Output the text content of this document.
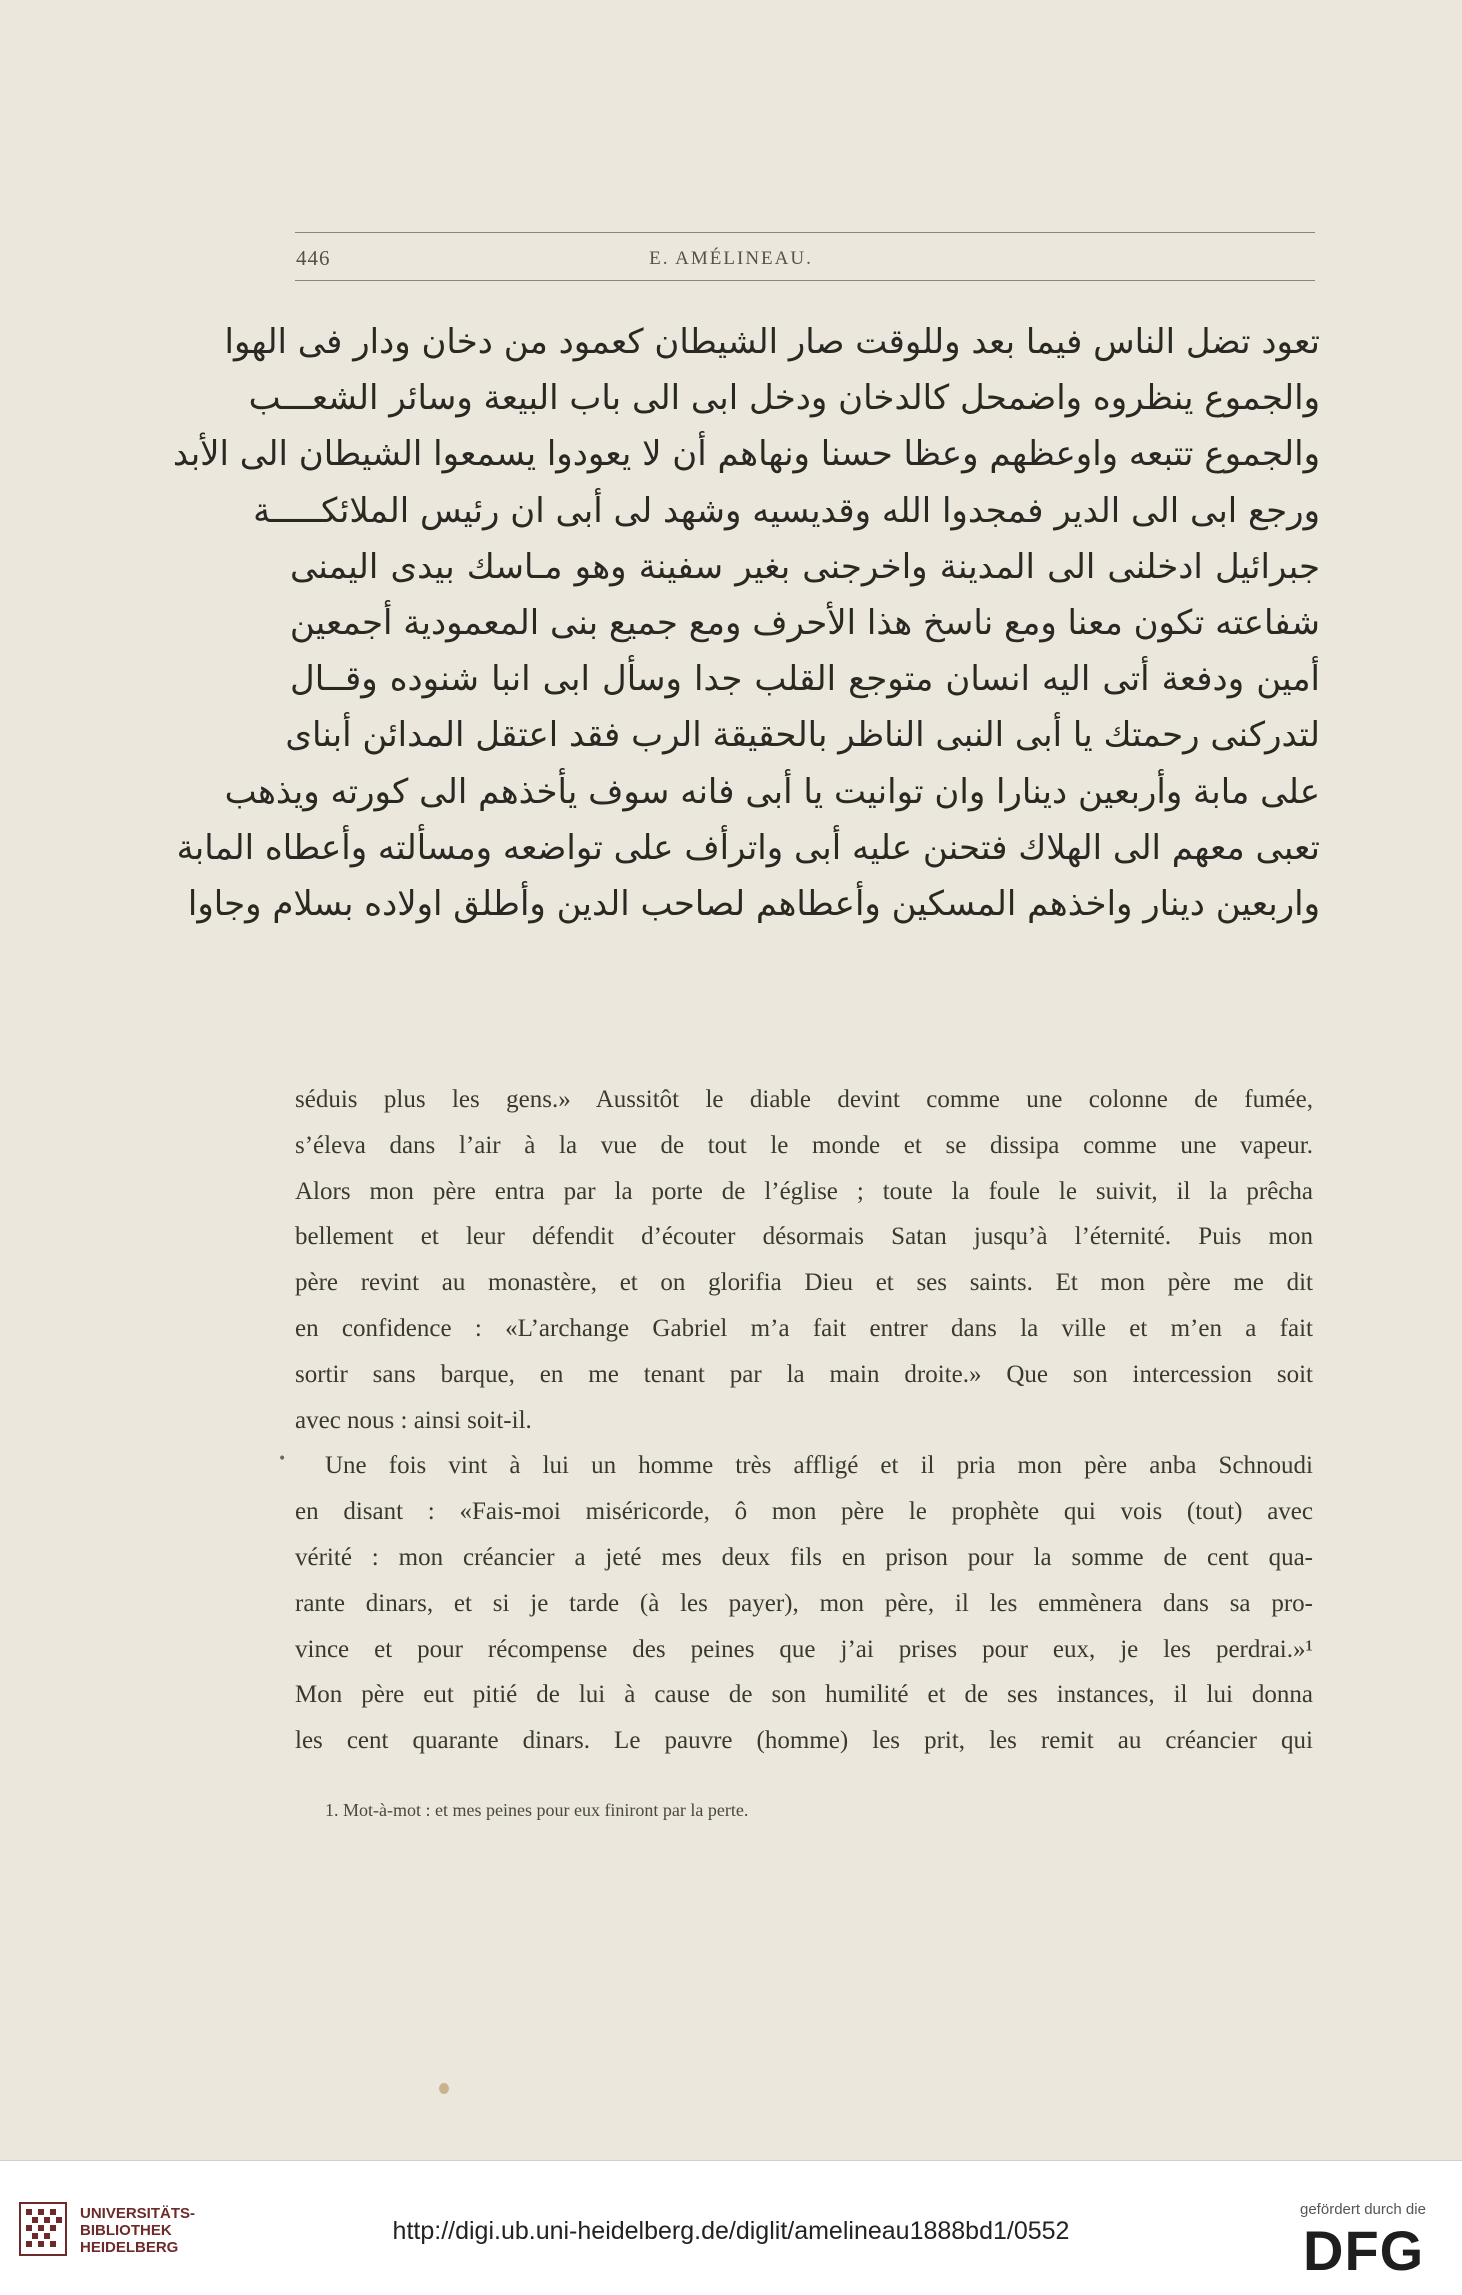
446	E. AMÉLINEAU.
تعود تضل الناس فيما بعد وللوقت صار الشيطان كعمود من دخان ودار فى الهوا
والجموع ينظروه واضمحل كالدخان ودخل ابى الى باب البيعة وسائر الشعـــب
والجموع تتبعه واوعظهم وعظا حسنا ونهاهم أن لا يعودوا يسمعوا الشيطان الى الأبد
ورجع ابى الى الدير فمجدوا الله وقديسيه وشهد لى أبى ان رئيس الملائكـــــة
جبرائيل ادخلنى الى المدينة واخرجنى بغير سفينة وهو مـاسك بيدى اليمنى
شفاعته تكون معنا ومع ناسخ هذا الأحرف ومع جميع بنى المعمودية أجمعين
أمين ودفعة أتى اليه انسان متوجع القلب جدا وسأل ابى انبا شنوده وقــال
لتدركنى رحمتك يا أبى النبى الناظر بالحقيقة الرب فقد اعتقل المدائن أبناى
على مابة وأربعين دينارا وان توانيت يا أبى فانه سوف يأخذهم الى كورته ويذهب
تعبى معهم الى الهلاك فتحنن عليه أبى واترأف على تواضعه ومسألته وأعطاه المابة
واربعين دينار واخذهم المسكين وأعطاهم لصاحب الدين وأطلق اولاده بسلام وجاوا
•
séduis plus les gens.» Aussitôt le diable devint comme une colonne de fumée,
s’éleva dans l’air à la vue de tout le monde et se dissipa comme une vapeur.
Alors mon père entra par la porte de l’église ; toute la foule le suivit, il la prêcha
bellement et leur défendit d’écouter désormais Satan jusqu’à l’éternité. Puis mon
père revint au monastère, et on glorifia Dieu et ses saints. Et mon père me dit
en confidence : «L’archange Gabriel m’a fait entrer dans la ville et m’en a fait
sortir sans barque, en me tenant par la main droite.» Que son intercession soit
avec nous : ainsi soit-il.
Une fois vint à lui un homme très affligé et il pria mon père anba Schnoudi
en disant : «Fais-moi miséricorde, ô mon père le prophète qui vois (tout) avec
vérité : mon créancier a jeté mes deux fils en prison pour la somme de cent qua-
rante dinars, et si je tarde (à les payer), mon père, il les emmènera dans sa pro-
vince et pour récompense des peines que j’ai prises pour eux, je les perdrai.»¹
Mon père eut pitié de lui à cause de son humilité et de ses instances, il lui donna
les cent quarante dinars. Le pauvre (homme) les prit, les remit au créancier qui
1. Mot-à-mot : et mes peines pour eux finiront par la perte.
UNIVERSITÄTS-
BIBLIOTHEK
HEIDELBERG
http://digi.ub.uni-heidelberg.de/diglit/amelineau1888bd1/0552
gefördert durch die
DFG
